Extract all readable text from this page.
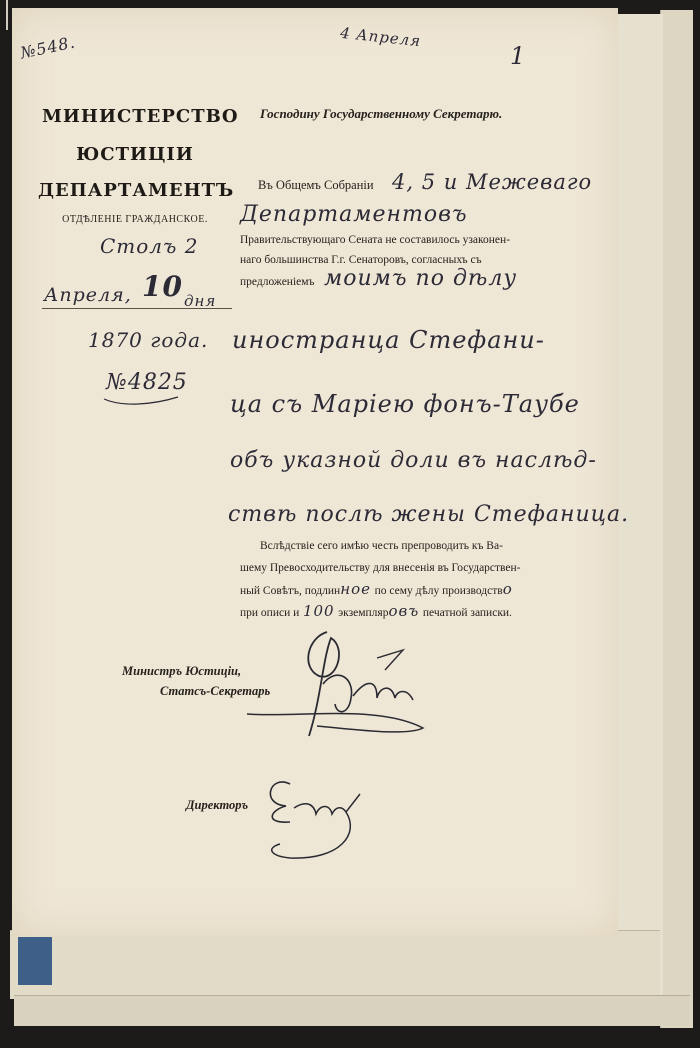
№548.	4 Апреля
1
МИНИСТЕРСТВО
ЮСТИЦІИ
ДЕПАРТАМЕНТЪ
ОТДѢЛЕНІЕ ГРАЖДАНСКОЕ.
Столъ 2
Апреля, 10 дня
1870 года.
№4825
Господину Государственному Секретарю.
Въ Общемъ Собраніи 4, 5 и Межеваго
Департаментовъ
Правительствующаго Сената не составилось узаконен-
наго большинства Г.г. Сенаторовъ, согласныхъ съ
предложеніемъ моимъ по дѣлу
иностранца Стефани-
ца съ Маріею фонъ-Таубе
объ указной доли въ наслѣд-
ствѣ послѣ жены Стефаница.
Вслѣдствіе сего имѣю честь препроводить къ Ва-
шему Превосходительству для внесенія въ Государствен-
ный Совѣтъ, подлинное по сему дѣлу производство
при описи и 100 экземпляровъ печатной записки.
Министръ Юстиціи,
Статсъ-Секретарь
Директоръ
